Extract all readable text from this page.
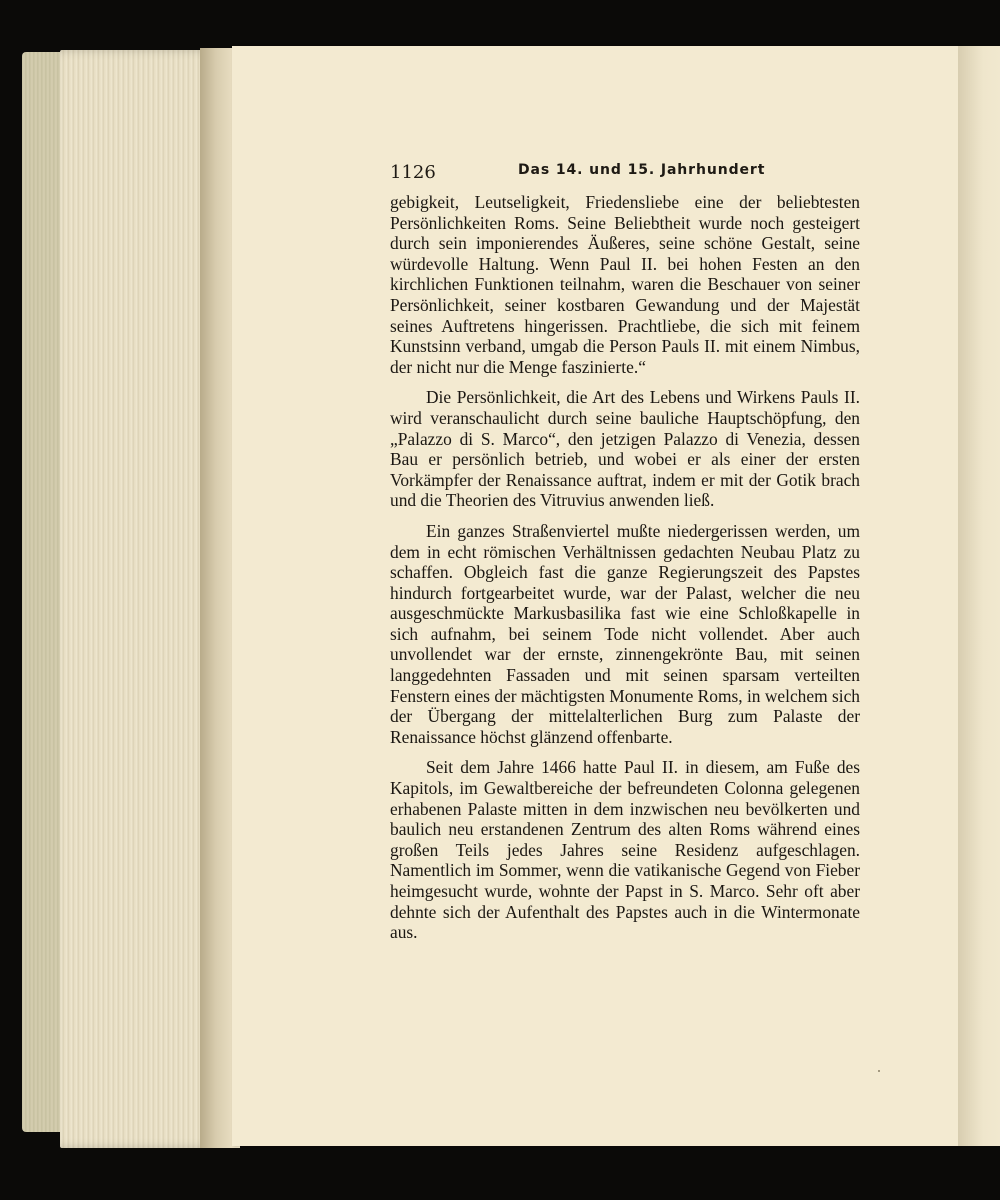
1126	Das 14. und 15. Jahrhundert

gebigkeit, Leutseligkeit, Friedensliebe eine der beliebtesten Persönlichkeiten Roms. Seine Beliebtheit wurde noch gesteigert durch sein imponierendes Äußeres, seine schöne Gestalt, seine würdevolle Haltung. Wenn Paul II. bei hohen Festen an den kirchlichen Funktionen teilnahm, waren die Beschauer von seiner Persönlichkeit, seiner kostbaren Gewandung und der Majestät seines Auftretens hingerissen. Prachtliebe, die sich mit feinem Kunstsinn verband, umgab die Person Pauls II. mit einem Nimbus, der nicht nur die Menge faszinierte.“

Die Persönlichkeit, die Art des Lebens und Wirkens Pauls II. wird veranschaulicht durch seine bauliche Hauptschöpfung, den „Palazzo di S. Marco“, den jetzigen Palazzo di Venezia, dessen Bau er persönlich betrieb, und wobei er als einer der ersten Vorkämpfer der Renaissance auftrat, indem er mit der Gotik brach und die Theorien des Vitruvius anwenden ließ.

Ein ganzes Straßenviertel mußte niedergerissen werden, um dem in echt römischen Verhältnissen gedachten Neubau Platz zu schaffen. Obgleich fast die ganze Regierungszeit des Papstes hindurch fortgearbeitet wurde, war der Palast, welcher die neu ausgeschmückte Markusbasilika fast wie eine Schloßkapelle in sich aufnahm, bei seinem Tode nicht vollendet. Aber auch unvollendet war der ernste, zinnengekrönte Bau, mit seinen langgedehnten Fassaden und mit seinen sparsam verteilten Fenstern eines der mächtigsten Monumente Roms, in welchem sich der Übergang der mittelalterlichen Burg zum Palaste der Renaissance höchst glänzend offenbarte.

Seit dem Jahre 1466 hatte Paul II. in diesem, am Fuße des Kapitols, im Gewaltbereiche der befreundeten Colonna gelegenen erhabenen Palaste mitten in dem inzwischen neu bevölkerten und baulich neu erstandenen Zentrum des alten Roms während eines großen Teils jedes Jahres seine Residenz aufgeschlagen. Namentlich im Sommer, wenn die vatikanische Gegend von Fieber heimgesucht wurde, wohnte der Papst in S. Marco. Sehr oft aber dehnte sich der Aufenthalt des Papstes auch in die Wintermonate aus.
